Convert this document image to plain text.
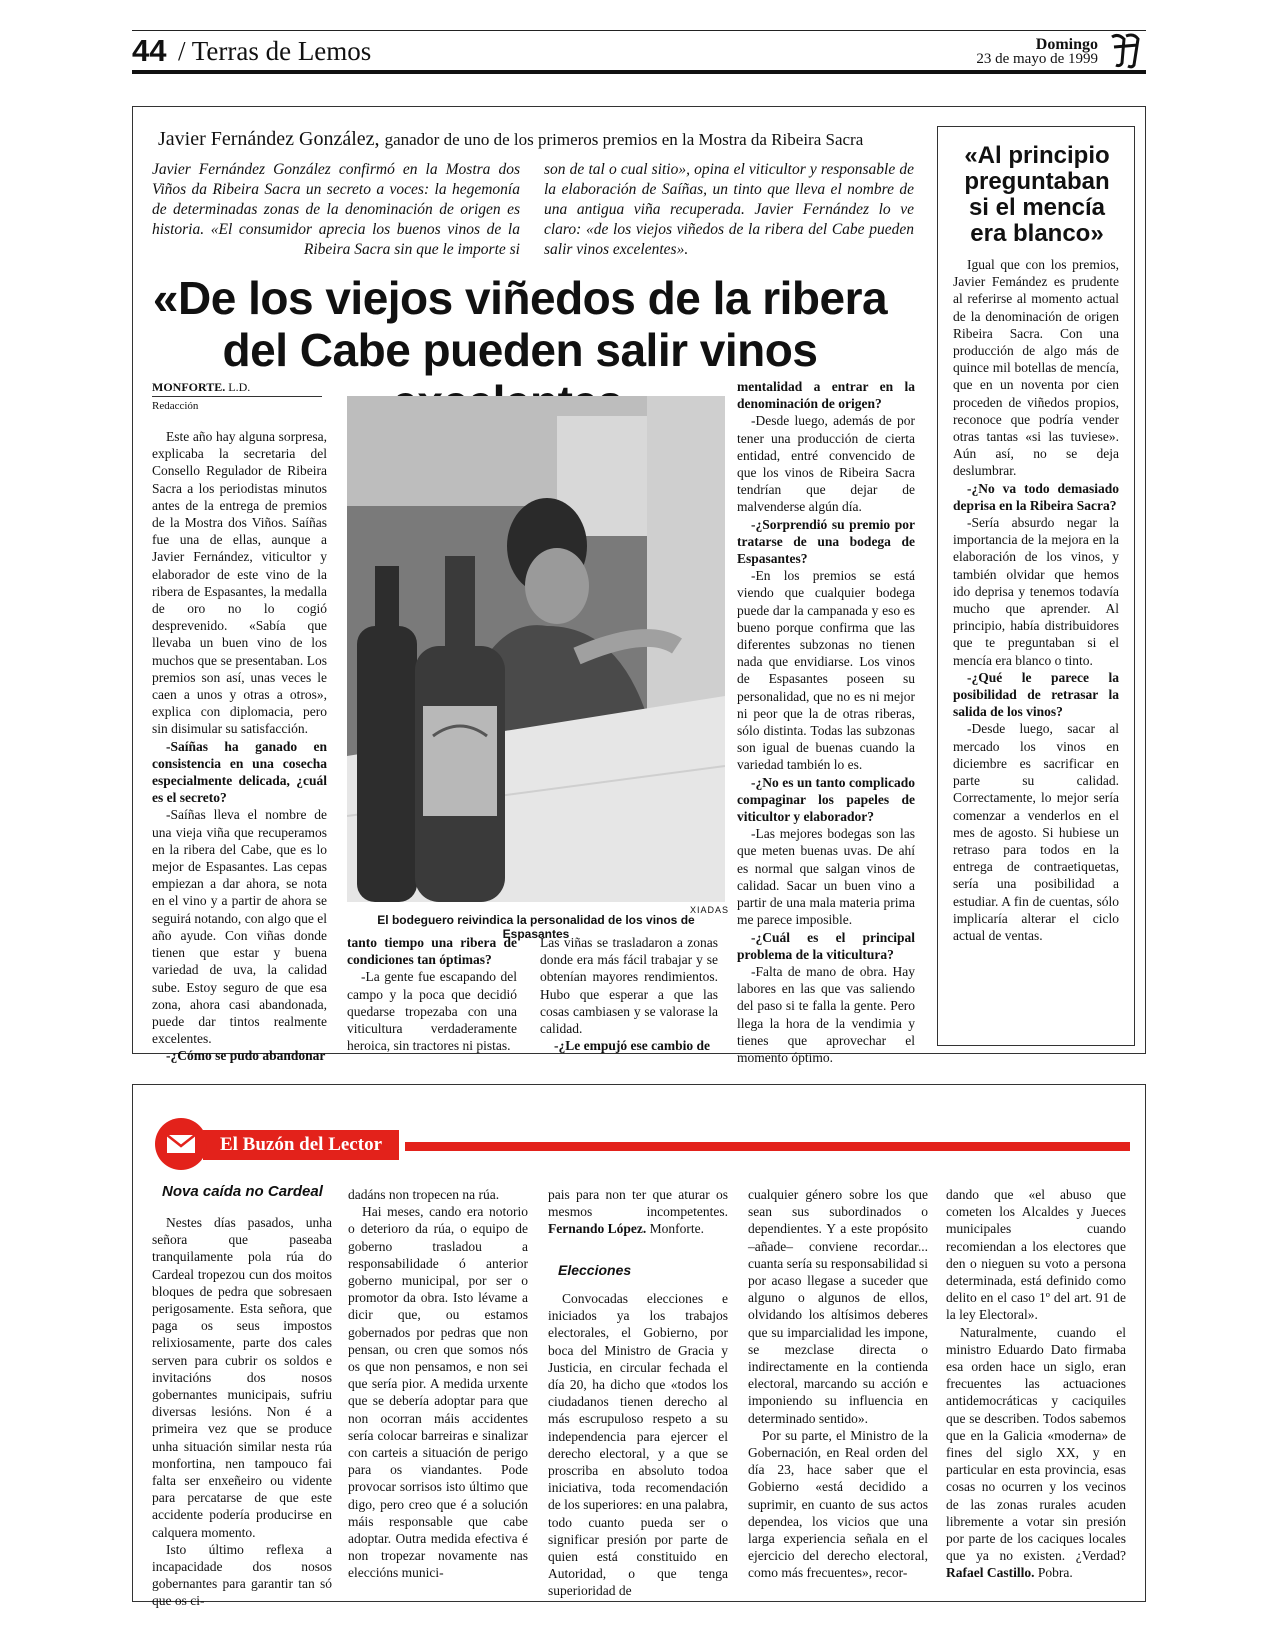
44 / Terras de Lemos	Domingo
23 de mayo de 1999
Javier Fernández González, ganador de uno de los primeros premios en la Mostra da Ribeira Sacra
Javier Fernández González confirmó en la Mostra dos Viños da Ribeira Sacra un secreto a voces: la hegemonía de determinadas zonas de la denominación de origen es historia. «El consumidor aprecia los buenos vinos de la Ribeira Sacra sin que le importe si
son de tal o cual sitio», opina el viticultor y responsable de la elaboración de Saíñas, un tinto que lleva el nombre de una antigua viña recuperada. Javier Fernández lo ve claro: «de los viejos viñedos de la ribera del Cabe pueden salir vinos excelentes».
«De los viejos viñedos de la ribera del Cabe pueden salir vinos
MONFORTE. L.D.
Redacción

Este año hay alguna sorpresa, explicaba la secretaria del Consello Regulador de Ribeira Sacra a los periodistas minutos antes de la entrega de premios de la Mostra dos Viños. Saíñas fue una de ellas, aunque a Javier Fernández, viticultor y elaborador de este vino de la ribera de Espasantes, la medalla de oro no lo cogió desprevenido. «Sabía que llevaba un buen vino de los muchos que se presentaban. Los premios son así, unas veces le caen a unos y otras a otros», explica con diplomacia, pero sin disimular su satisfacción.

-Saíñas ha ganado en consistencia en una cosecha especialmente delicada, ¿cuál es el secreto?

-Saíñas lleva el nombre de una vieja viña que recuperamos en la ribera del Cabe, que es lo mejor de Espasantes. Las cepas empiezan a dar ahora, se nota en el vino y a partir de ahora se seguirá notando, con algo que el año ayude. Con viñas donde tienen que estar y buena variedad de uva, la calidad sube. Estoy seguro de que esa zona, ahora casi abandonada, puede dar tintos realmente excelentes.

-¿Cómo se pudo abandonar

XIADAS
El bodeguero reivindica la personalidad de los vinos de Espasantes

tanto tiempo una ribera de condiciones tan óptimas?

-La gente fue escapando del campo y la poca que decidió quedarse tropezaba con una viticultura verdaderamente heroica, sin tractores ni pistas.

Las viñas se trasladaron a zonas donde era más fácil trabajar y se obtenían mayores rendimientos. Hubo que esperar a que las cosas cambiasen y se valorase la calidad.

-¿Le empujó ese cambio de

mentalidad a entrar en la denominación de origen?

-Desde luego, además de por tener una producción de cierta entidad, entré convencido de que los vinos de Ribeira Sacra tendrían que dejar de malvenderse algún día.

-¿Sorprendió su premio por tratarse de una bodega de Espasantes?

-En los premios se está viendo que cualquier bodega puede dar la campanada y eso es bueno porque confirma que las diferentes subzonas no tienen nada que envidiarse. Los vinos de Espasantes poseen su personalidad, que no es ni mejor ni peor que la de otras riberas, sólo distinta. Todas las subzonas son igual de buenas cuando la variedad también lo es.

-¿No es un tanto complicado compaginar los papeles de viticultor y elaborador?

-Las mejores bodegas son las que meten buenas uvas. De ahí es normal que salgan vinos de calidad. Sacar un buen vino a partir de una mala materia prima me parece imposible.

-¿Cuál es el principal problema de la viticultura?

-Falta de mano de obra. Hay labores en las que vas saliendo del paso si te falla la gente. Pero llega la hora de la vendimia y tienes que aprovechar el momento óptimo.

«Al principio preguntaban si el mencía era blanco»

Igual que con los premios, Javier Femández es prudente al referirse al momento actual de la denominación de origen Ribeira Sacra. Con una producción de algo más de quince mil botellas de mencía, que en un noventa por cien proceden de viñedos propios, reconoce que podría vender otras tantas «si las tuviese». Aún así, no se deja deslumbrar.

-¿No va todo demasiado deprisa en la Ribeira Sacra?

-Sería absurdo negar la importancia de la mejora en la elaboración de los vinos, y también olvidar que hemos ido deprisa y tenemos todavía mucho que aprender. Al principio, había distribuidores que te preguntaban si el mencía era blanco o tinto.

-¿Qué le parece la posibilidad de retrasar la salida de los vinos?

-Desde luego, sacar al mercado los vinos en diciembre es sacrificar en parte su calidad. Correctamente, lo mejor sería comenzar a venderlos en el mes de agosto. Si hubiese un retraso para todos en la entrega de contraetiquetas, sería una posibilidad a estudiar. A fin de cuentas, sólo implicaría alterar el ciclo actual de ventas.

El Buzón del Lector
Nova caída no Cardeal

Nestes días pasados, unha señora que paseaba tranquilamente pola rúa do Cardeal tropezou cun dos moitos bloques de pedra que sobresaen perigosamente. Esta señora, que paga os seus impostos relixiosamente, parte dos cales serven para cubrir os soldos e invitacións dos nosos gobernantes municipais, sufriu diversas lesións. Non é a primeira vez que se produce unha situación similar nesta rúa monfortina, nen tampouco fai falta ser enxeñeiro ou vidente para percatarse de que este accidente podería producirse en calquera momento.

Isto último reflexa a incapacidade dos nosos gobernantes para garantir tan só que os ci-

dadáns non tropecen na rúa.

Hai meses, cando era notorio o deterioro da rúa, o equipo de goberno trasladou a responsabilidade ó anterior goberno municipal, por ser o promotor da obra. Isto lévame a dicir que, ou estamos gobernados por pedras que non pensan, ou cren que somos nós os que non pensamos, e non sei que sería pior. A medida urxente que se debería adoptar para que non ocorran máis accidentes sería colocar barreiras e sinalizar con carteis a situación de perigo para os viandantes. Pode provocar sorrisos isto último que digo, pero creo que é a solución máis responsable que cabe adoptar. Outra medida efectiva é non tropezar novamente nas eleccións munici-

pais para non ter que aturar os mesmos incompetentes. Fernando López. Monforte.

Elecciones

Convocadas elecciones e iniciados ya los trabajos electorales, el Gobierno, por boca del Ministro de Gracia y Justicia, en circular fechada el día 20, ha dicho que «todos los ciudadanos tienen derecho al más escrupuloso respeto a su independencia para ejercer el derecho electoral, y a que se proscriba en absoluto todoa iniciativa, toda recomendación de los superiores: en una palabra, todo cuanto pueda ser o significar presión por parte de quien está constituido en Autoridad, o que tenga superioridad de

cualquier género sobre los que sean sus subordinados o dependientes. Y a este propósito –añade– conviene recordar... cuanta sería su responsabilidad si por acaso llegase a suceder que alguno o algunos de ellos, olvidando los altísimos deberes que su imparcialidad les impone, se mezclase directa o indirectamente en la contienda electoral, marcando su acción e imponiendo su influencia en determinado sentido».

Por su parte, el Ministro de la Gobernación, en Real orden del día 23, hace saber que el Gobierno «está decidido a suprimir, en cuanto de sus actos dependea, los vicios que una larga experiencia señala en el ejercicio del derecho electoral, como más frecuentes», recor-

dando que «el abuso que cometen los Alcaldes y Jueces municipales cuando recomiendan a los electores que den o nieguen su voto a persona determinada, está definido como delito en el caso 1º del art. 91 de la ley Electoral».

Naturalmente, cuando el ministro Eduardo Dato firmaba esa orden hace un siglo, eran frecuentes las actuaciones antidemocráticas y caciquiles que se describen. Todos sabemos que en la Galicia «moderna» de fines del siglo XX, y en particular en esta provincia, esas cosas no ocurren y los vecinos de las zonas rurales acuden libremente a votar sin presión por parte de los caciques locales que ya no existen. ¿Verdad? Rafael Castillo. Pobra.
